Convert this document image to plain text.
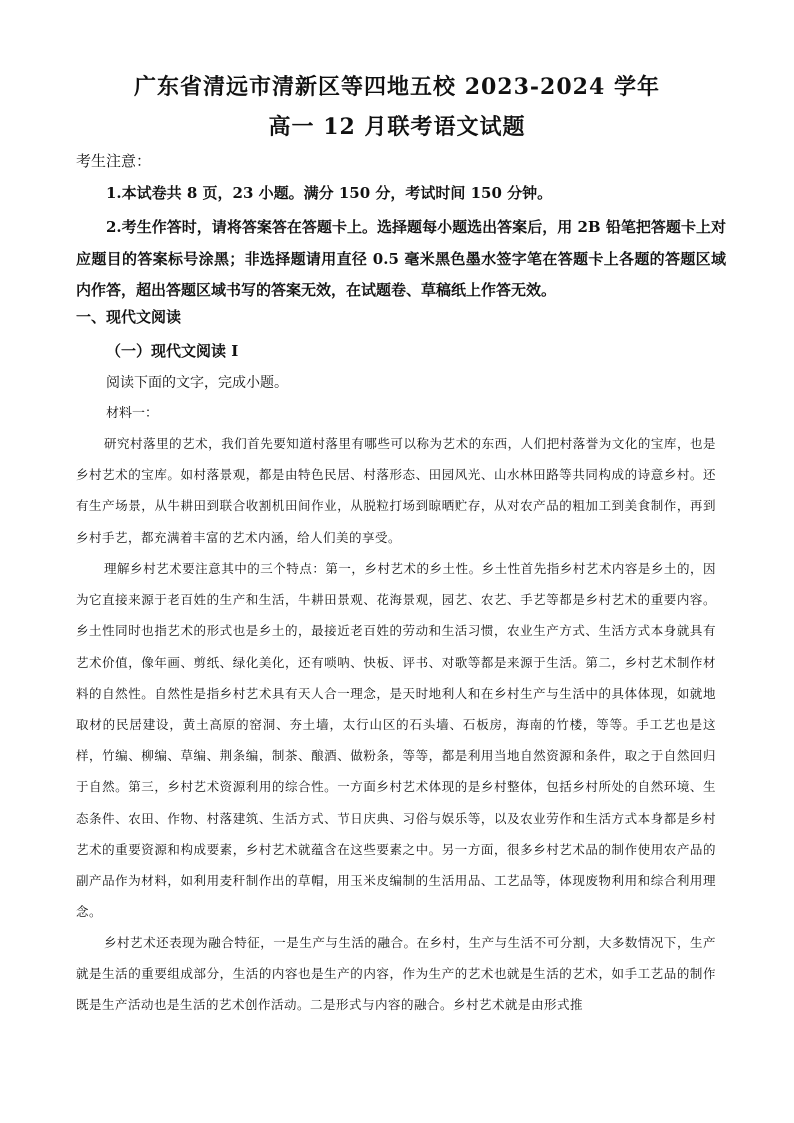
广东省清远市清新区等四地五校 2023-2024 学年
高一 12 月联考语文试题
考生注意：
1.本试卷共 8 页，23 小题。满分 150 分，考试时间 150 分钟。
2.考生作答时，请将答案答在答题卡上。选择题每小题选出答案后，用 2B 铅笔把答题卡上对应题目的答案标号涂黑；非选择题请用直径 0.5 毫米黑色墨水签字笔在答题卡上各题的答题区域内作答，超出答题区域书写的答案无效，在试题卷、草稿纸上作答无效。
一、现代文阅读
（一）现代文阅读 I
阅读下面的文字，完成小题。
材料一：

研究村落里的艺术，我们首先要知道村落里有哪些可以称为艺术的东西，人们把村落誉为文化的宝库，也是乡村艺术的宝库。如村落景观，都是由特色民居、村落形态、田园风光、山水林田路等共同构成的诗意乡村。还有生产场景，从牛耕田到联合收割机田间作业，从脱粒打场到晾晒贮存，从对农产品的粗加工到美食制作，再到乡村手艺，都充满着丰富的艺术内涵，给人们美的享受。

理解乡村艺术要注意其中的三个特点：第一，乡村艺术的乡土性。乡土性首先指乡村艺术内容是乡土的，因为它直接来源于老百姓的生产和生活，牛耕田景观、花海景观，园艺、农艺、手艺等都是乡村艺术的重要内容。乡土性同时也指艺术的形式也是乡土的，最接近老百姓的劳动和生活习惯，农业生产方式、生活方式本身就具有艺术价值，像年画、剪纸、绿化美化，还有唢呐、快板、评书、对歌等都是来源于生活。第二，乡村艺术制作材料的自然性。自然性是指乡村艺术具有天人合一理念，是天时地利人和在乡村生产与生活中的具体体现，如就地取材的民居建设，黄土高原的窑洞、夯土墙，太行山区的石头墙、石板房，海南的竹楼，等等。手工艺也是这样，竹编、柳编、草编、荆条编，制茶、酿酒、做粉条，等等，都是利用当地自然资源和条件，取之于自然回归于自然。第三，乡村艺术资源利用的综合性。一方面乡村艺术体现的是乡村整体，包括乡村所处的自然环境、生态条件、农田、作物、村落建筑、生活方式、节日庆典、习俗与娱乐等，以及农业劳作和生活方式本身都是乡村艺术的重要资源和构成要素，乡村艺术就蕴含在这些要素之中。另一方面，很多乡村艺术品的制作使用农产品的副产品作为材料，如利用麦秆制作出的草帽，用玉米皮编制的生活用品、工艺品等，体现废物利用和综合利用理念。

乡村艺术还表现为融合特征，一是生产与生活的融合。在乡村，生产与生活不可分割，大多数情况下，生产就是生活的重要组成部分，生活的内容也是生产的内容，作为生产的艺术也就是生活的艺术，如手工艺品的制作既是生产活动也是生活的艺术创作活动。二是形式与内容的融合。乡村艺术就是由形式推
